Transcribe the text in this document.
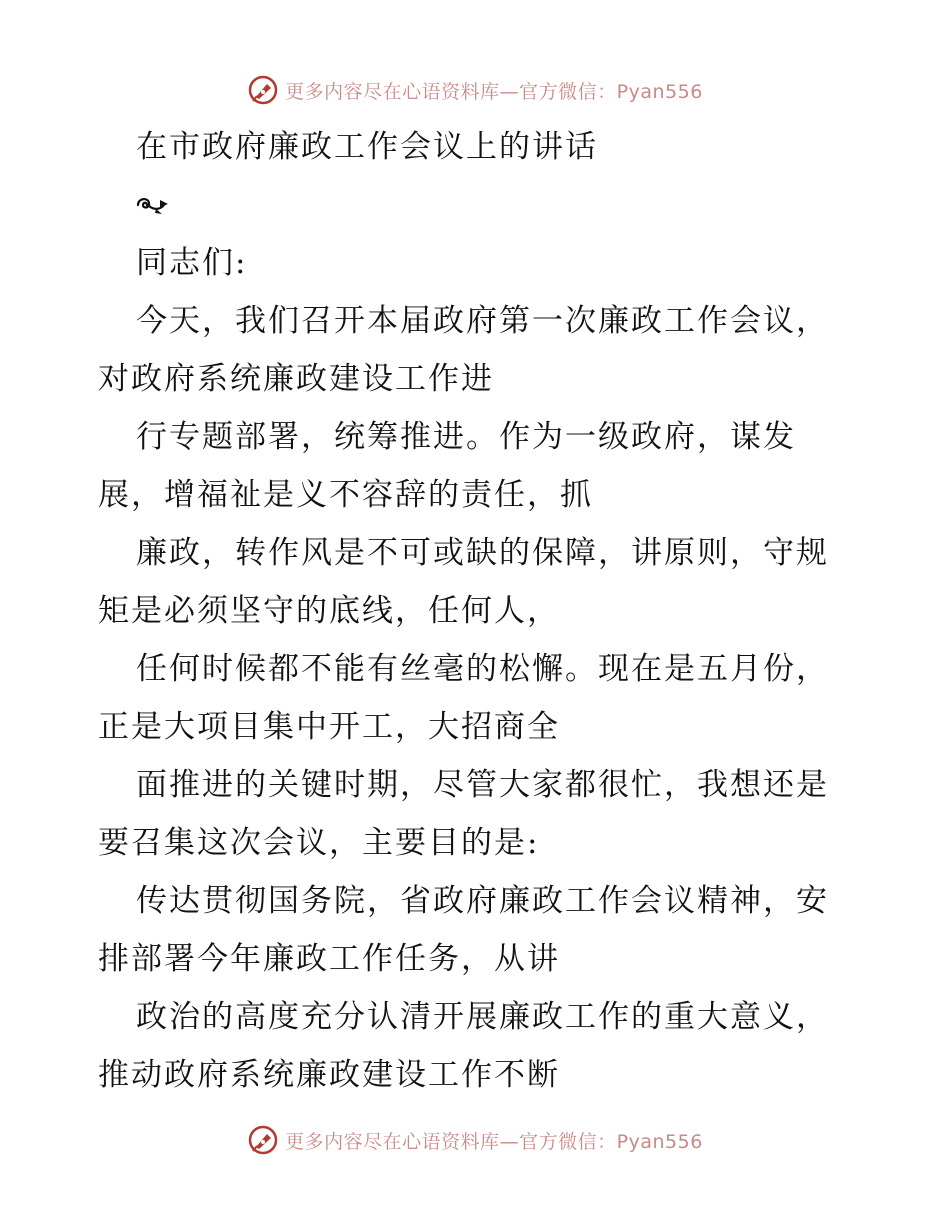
更多内容尽在心语资料库—官方微信：Pyan556
在市政府廉政工作会议上的讲话

同志们:

今天，我们召开本届政府第一次廉政工作会议，
对政府系统廉政建设工作进

行专题部署，统筹推进。作为一级政府，谋发
展，增福祉是义不容辞的责任，抓

廉政，转作风是不可或缺的保障，讲原则，守规
矩是必须坚守的底线，任何人，

任何时候都不能有丝毫的松懈。现在是五月份，
正是大项目集中开工，大招商全

面推进的关键时期，尽管大家都很忙，我想还是
要召集这次会议，主要目的是:

传达贯彻国务院，省政府廉政工作会议精神，安
排部署今年廉政工作任务，从讲

政治的高度充分认清开展廉政工作的重大意义，
推动政府系统廉政建设工作不断

更多内容尽在心语资料库—官方微信：Pyan556
